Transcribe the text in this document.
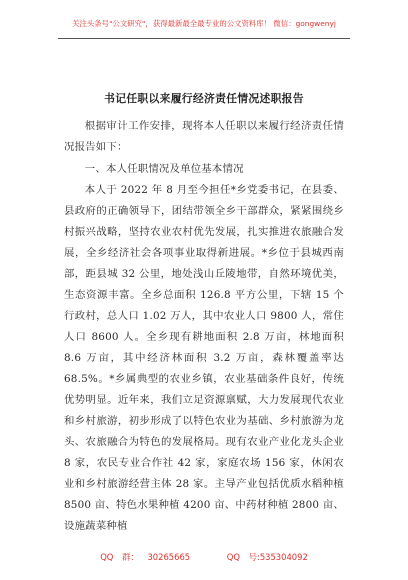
关注头条号"公文研究"，获得最新最全最专业的公文资料库！ 微信：gongwenyj
书记任职以来履行经济责任情况述职报告

根据审计工作安排，现将本人任职以来履行经济责任情况报告如下：

一、本人任职情况及单位基本情况

本人于 2022 年 8 月至今担任*乡党委书记，在县委、县政府的正确领导下，团结带领全乡干部群众，紧紧围绕乡村振兴战略，坚持农业农村优先发展，扎实推进农旅融合发展，全乡经济社会各项事业取得新进展。*乡位于县城西南部，距县城 32 公里，地处浅山丘陵地带，自然环境优美，生态资源丰富。全乡总面积 126.8 平方公里，下辖 15 个行政村，总人口 1.02 万人，其中农业人口 9800 人，常住人口 8600 人。全乡现有耕地面积 2.8 万亩，林地面积 8.6 万亩，其中经济林面积 3.2 万亩，森林覆盖率达 68.5%。*乡属典型的农业乡镇，农业基础条件良好，传统优势明显。近年来，我们立足资源禀赋，大力发展现代农业和乡村旅游，初步形成了以特色农业为基础、乡村旅游为龙头、农旅融合为特色的发展格局。现有农业产业化龙头企业 8 家，农民专业合作社 42 家，家庭农场 156 家，休闲农业和乡村旅游经营主体 28 家。主导产业包括优质水稻种植 8500 亩、特色水果种植 4200 亩、中药材种植 2800 亩、设施蔬菜种植

QQ 群： 30265665	QQ 号:535304092
